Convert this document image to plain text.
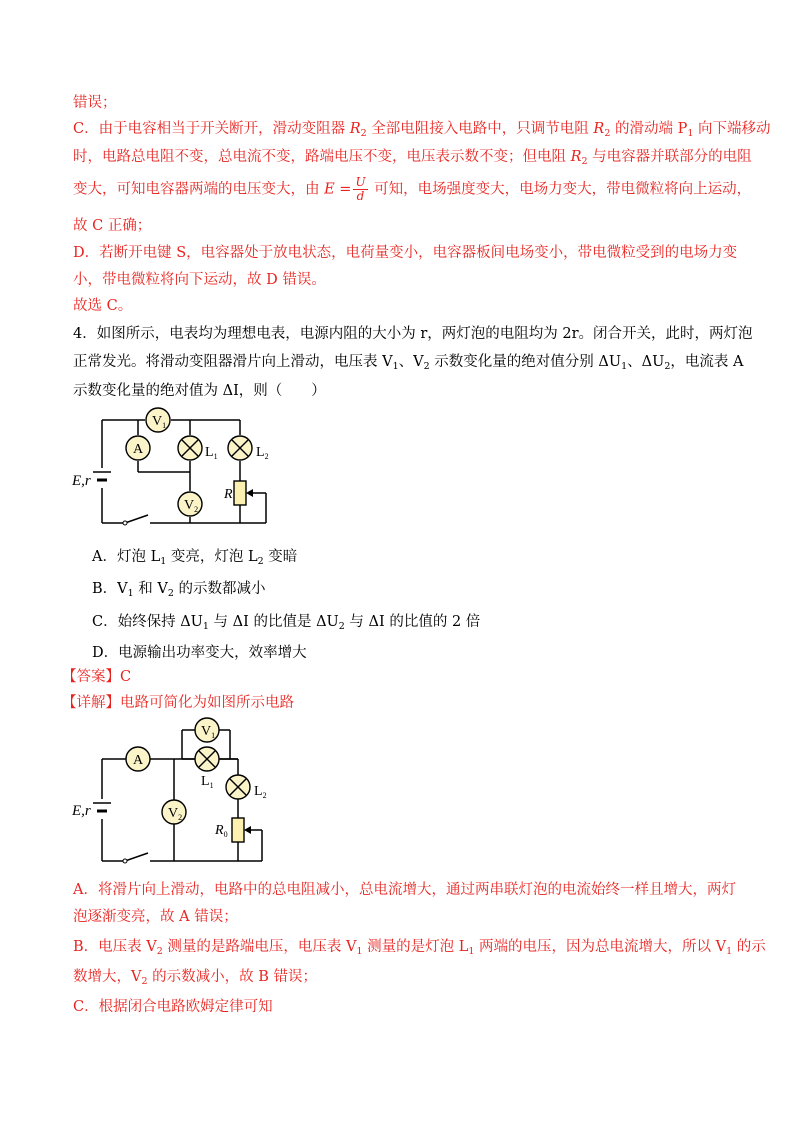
错误；
C．由于电容相当于开关断开，滑动变阻器 $R_2$ 全部电阻接入电路中，只调节电阻 $R_2$ 的滑动端 $P_1$ 向下端移动
时，电路总电阻不变，总电流不变，路端电压不变，电压表示数不变；但电阻 $R_2$ 与电容器并联部分的电阻
变大，可知电容器两端的电压变大，由 $E = \frac{U}{d}$ 可知，电场强度变大，电场力变大，带电微粒将向上运动，
故 C 正确；
D．若断开电键 S，电容器处于放电状态，电荷量变小，电容器板间电场变小，带电微粒受到的电场力变
小，带电微粒将向下运动，故 D 错误。
故选 C。
4．如图所示，电表均为理想电表，电源内阻的大小为 r，两灯泡的电阻均为 2r。闭合开关，此时，两灯泡
正常发光。将滑动变阻器滑片向上滑动，电压表 $V_1$、$V_2$ 示数变化量的绝对值分别 $\Delta U_1$、$\Delta U_2$，电流表 A
示数变化量的绝对值为 ΔI，则（　　）
$V_1$
A	$L_1$	$L_2$
$V_2$
R
E,r
A．灯泡 $L_1$ 变亮，灯泡 $L_2$ 变暗
B．$V_1$ 和 $V_2$ 的示数都减小
C．始终保持 $\Delta U_1$ 与 ΔI 的比值是 $\Delta U_2$ 与 ΔI 的比值的 2 倍
D．电源输出功率变大，效率增大
【答案】C
【详解】电路可简化为如图所示电路
A
$V_1$
$L_1$	$L_2$
$V_2$
$R_0$
E,r
A．将滑片向上滑动，电路中的总电阻减小，总电流增大，通过两串联灯泡的电流始终一样且增大，两灯
泡逐渐变亮，故 A 错误；
B．电压表 $V_2$ 测量的是路端电压，电压表 $V_1$ 测量的是灯泡 $L_1$ 两端的电压，因为总电流增大，所以 $V_1$ 的示
数增大，$V_2$ 的示数减小，故 B 错误；
C．根据闭合电路欧姆定律可知
